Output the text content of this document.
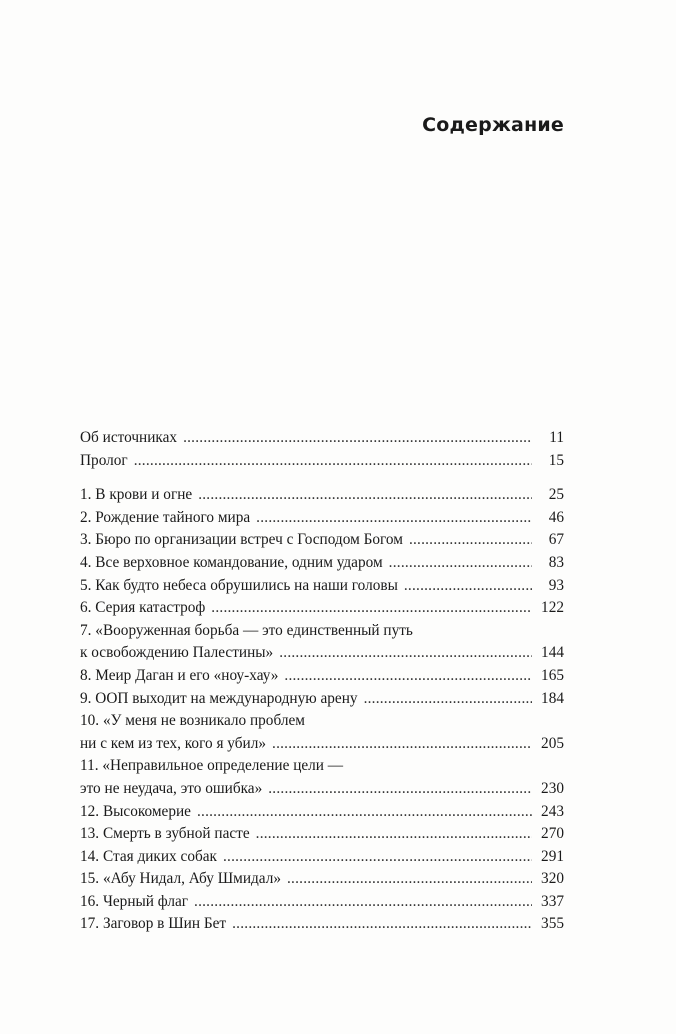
Содержание
Об источниках . . .	11
Пролог . . .	15
1. В крови и огне . . .	25
2. Рождение тайного мира . . .	46
3. Бюро по организации встреч с Господом Богом . . .	67
4. Все верховное командование, одним ударом . . .	83
5. Как будто небеса обрушились на наши головы . . .	93
6. Серия катастроф . . .	122
7. «Вооруженная борьба — это единственный путь
к освобождению Палестины» . . .	144
8. Меир Даган и его «ноу-хау» . . .	165
9. ООП выходит на международную арену . . .	184
10. «У меня не возникало проблем
ни с кем из тех, кого я убил» . . .	205
11. «Неправильное определение цели —
это не неудача, это ошибка» . . .	230
12. Высокомерие . . .	243
13. Смерть в зубной пасте . . .	270
14. Стая диких собак . . .	291
15. «Абу Нидал, Абу Шмидал» . . .	320
16. Черный флаг . . .	337
17. Заговор в Шин Бет . . .	355
